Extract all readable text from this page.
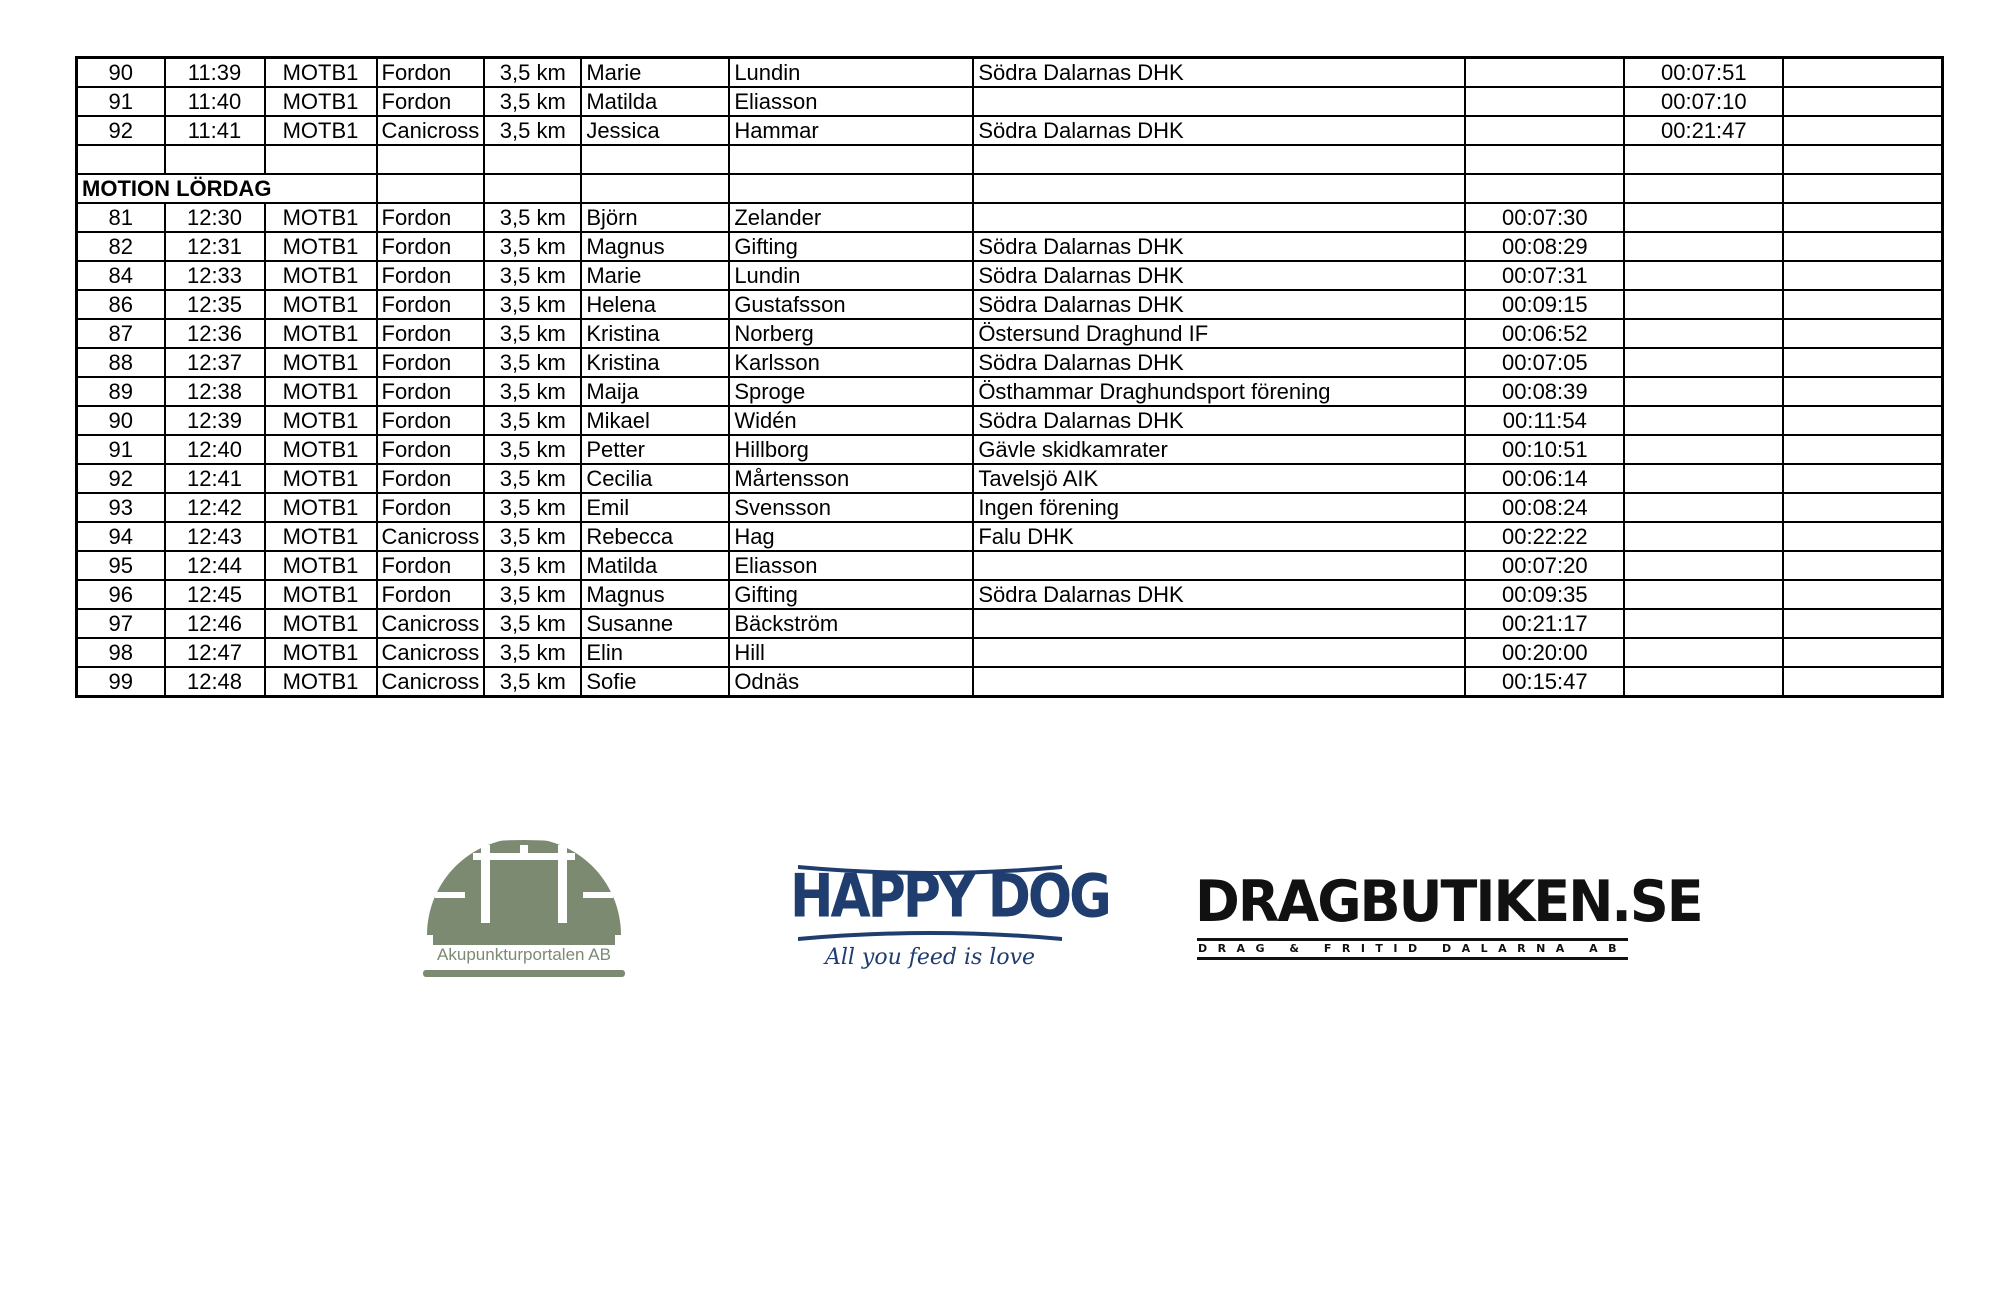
90	11:39	MOTB1	Fordon	3,5 km	Marie	Lundin	Södra Dalarnas DHK		00:07:51	
91	11:40	MOTB1	Fordon	3,5 km	Matilda	Eliasson			00:07:10	
92	11:41	MOTB1	Canicross	3,5 km	Jessica	Hammar	Södra Dalarnas DHK		00:21:47	

MOTION LÖRDAG										
81	12:30	MOTB1	Fordon	3,5 km	Björn	Zelander		00:07:30		
82	12:31	MOTB1	Fordon	3,5 km	Magnus	Gifting	Södra Dalarnas DHK	00:08:29		
84	12:33	MOTB1	Fordon	3,5 km	Marie	Lundin	Södra Dalarnas DHK	00:07:31		
86	12:35	MOTB1	Fordon	3,5 km	Helena	Gustafsson	Södra Dalarnas DHK	00:09:15		
87	12:36	MOTB1	Fordon	3,5 km	Kristina	Norberg	Östersund Draghund IF	00:06:52		
88	12:37	MOTB1	Fordon	3,5 km	Kristina	Karlsson	Södra Dalarnas DHK	00:07:05		
89	12:38	MOTB1	Fordon	3,5 km	Maija	Sproge	Östhammar Draghundsport förening	00:08:39		
90	12:39	MOTB1	Fordon	3,5 km	Mikael	Widén	Södra Dalarnas DHK	00:11:54		
91	12:40	MOTB1	Fordon	3,5 km	Petter	Hillborg	Gävle skidkamrater	00:10:51		
92	12:41	MOTB1	Fordon	3,5 km	Cecilia	Mårtensson	Tavelsjö AIK	00:06:14		
93	12:42	MOTB1	Fordon	3,5 km	Emil	Svensson	Ingen förening	00:08:24		
94	12:43	MOTB1	Canicross	3,5 km	Rebecca	Hag	Falu DHK	00:22:22		
95	12:44	MOTB1	Fordon	3,5 km	Matilda	Eliasson		00:07:20		
96	12:45	MOTB1	Fordon	3,5 km	Magnus	Gifting	Södra Dalarnas DHK	00:09:35		
97	12:46	MOTB1	Canicross	3,5 km	Susanne	Bäckström		00:21:17		
98	12:47	MOTB1	Canicross	3,5 km	Elin	Hill		00:20:00		
99	12:48	MOTB1	Canicross	3,5 km	Sofie	Odnäs		00:15:47		
Akupunkturportalen AB
HAPPY DOG
All you feed is love
DRAGBUTIKEN.SE
DRAG & FRITID DALARNA AB
